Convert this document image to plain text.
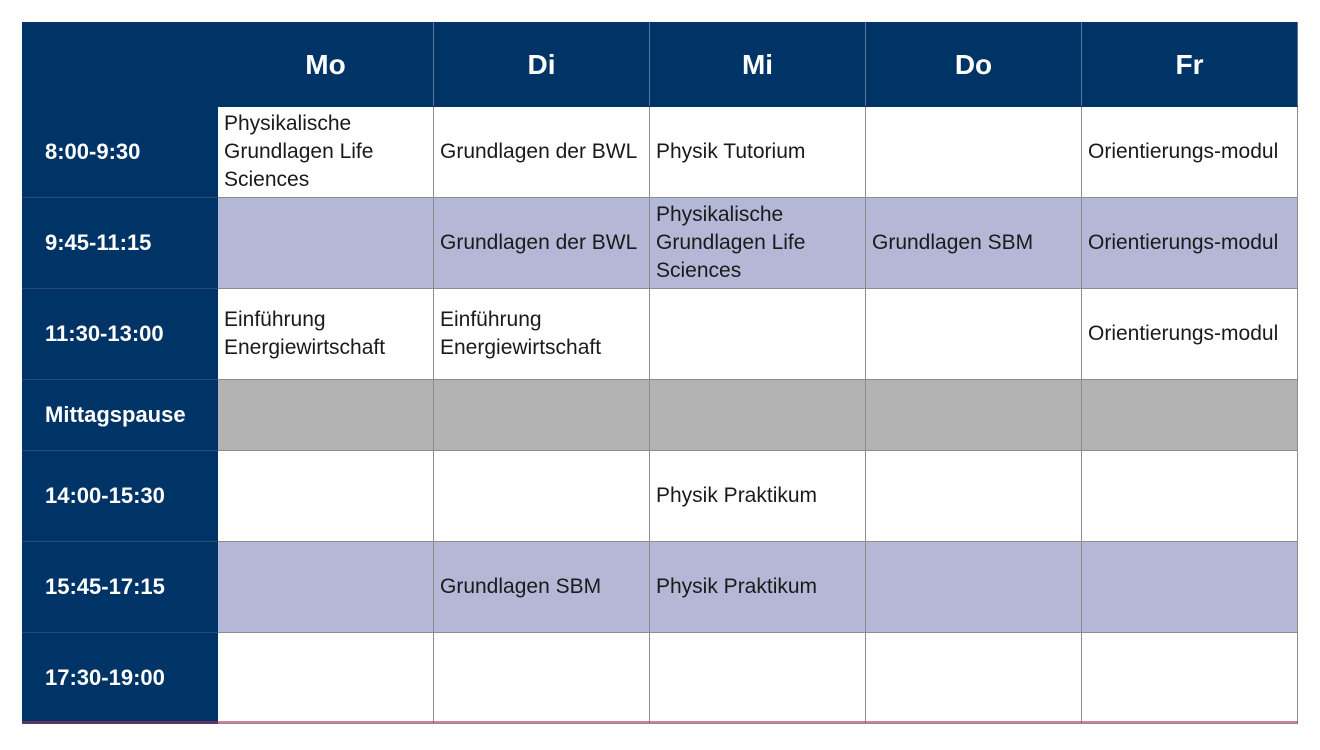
	Mo	Di	Mi	Do	Fr
8:00-9:30	Physikalische Grundlagen Life Sciences	Grundlagen der BWL	Physik Tutorium		Orientierungs-modul
9:45-11:15		Grundlagen der BWL	Physikalische Grundlagen Life Sciences	Grundlagen SBM	Orientierungs-modul
11:30-13:00	Einführung Energiewirtschaft	Einführung Energiewirtschaft			Orientierungs-modul
Mittagspause					
14:00-15:30			Physik Praktikum		
15:45-17:15		Grundlagen SBM	Physik Praktikum		
17:30-19:00					
